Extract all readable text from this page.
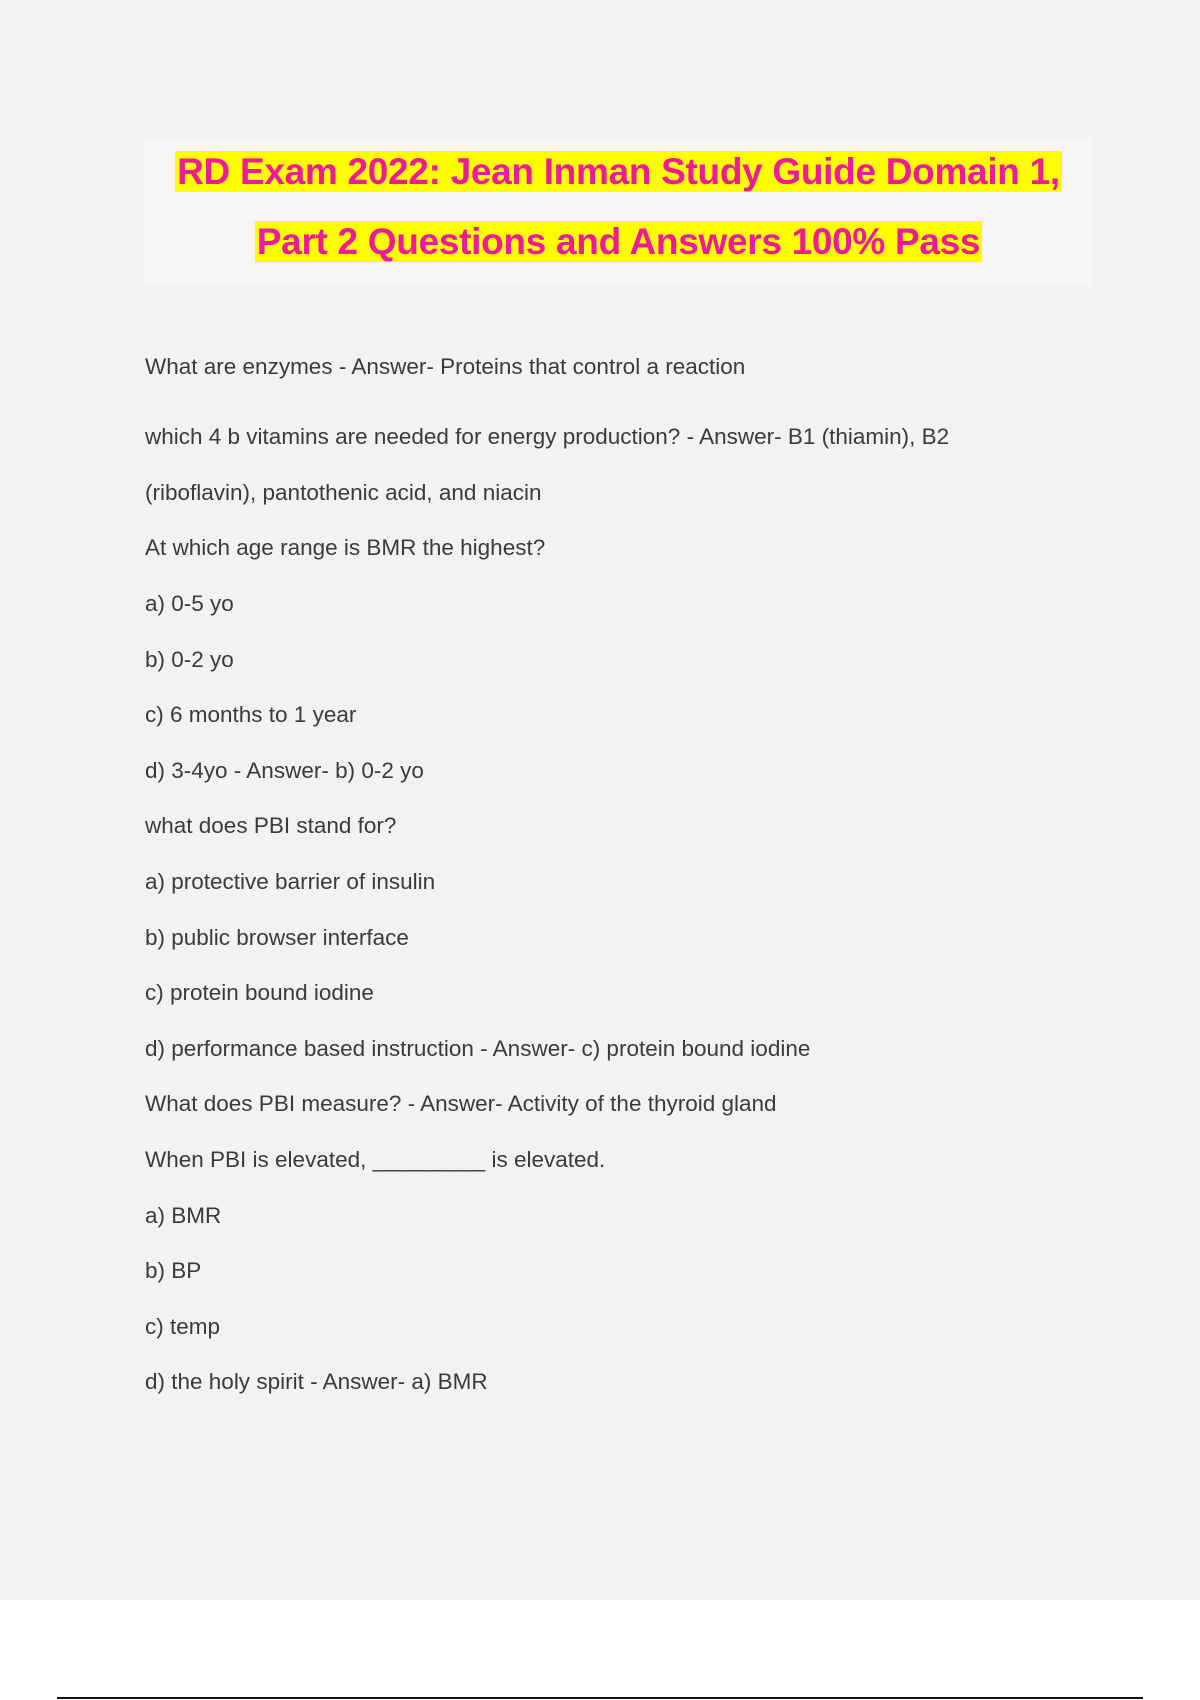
RD Exam 2022: Jean Inman Study Guide Domain 1,
Part 2 Questions and Answers 100% Pass
What are enzymes - Answer- Proteins that control a reaction
which 4 b vitamins are needed for energy production? - Answer- B1 (thiamin), B2
(riboflavin), pantothenic acid, and niacin
At which age range is BMR the highest?
a) 0-5 yo
b) 0-2 yo
c) 6 months to 1 year
d) 3-4yo - Answer- b) 0-2 yo
what does PBI stand for?
a) protective barrier of insulin
b) public browser interface
c) protein bound iodine
d) performance based instruction - Answer- c) protein bound iodine
What does PBI measure? - Answer- Activity of the thyroid gland
When PBI is elevated, _________ is elevated.
a) BMR
b) BP
c) temp
d) the holy spirit - Answer- a) BMR
